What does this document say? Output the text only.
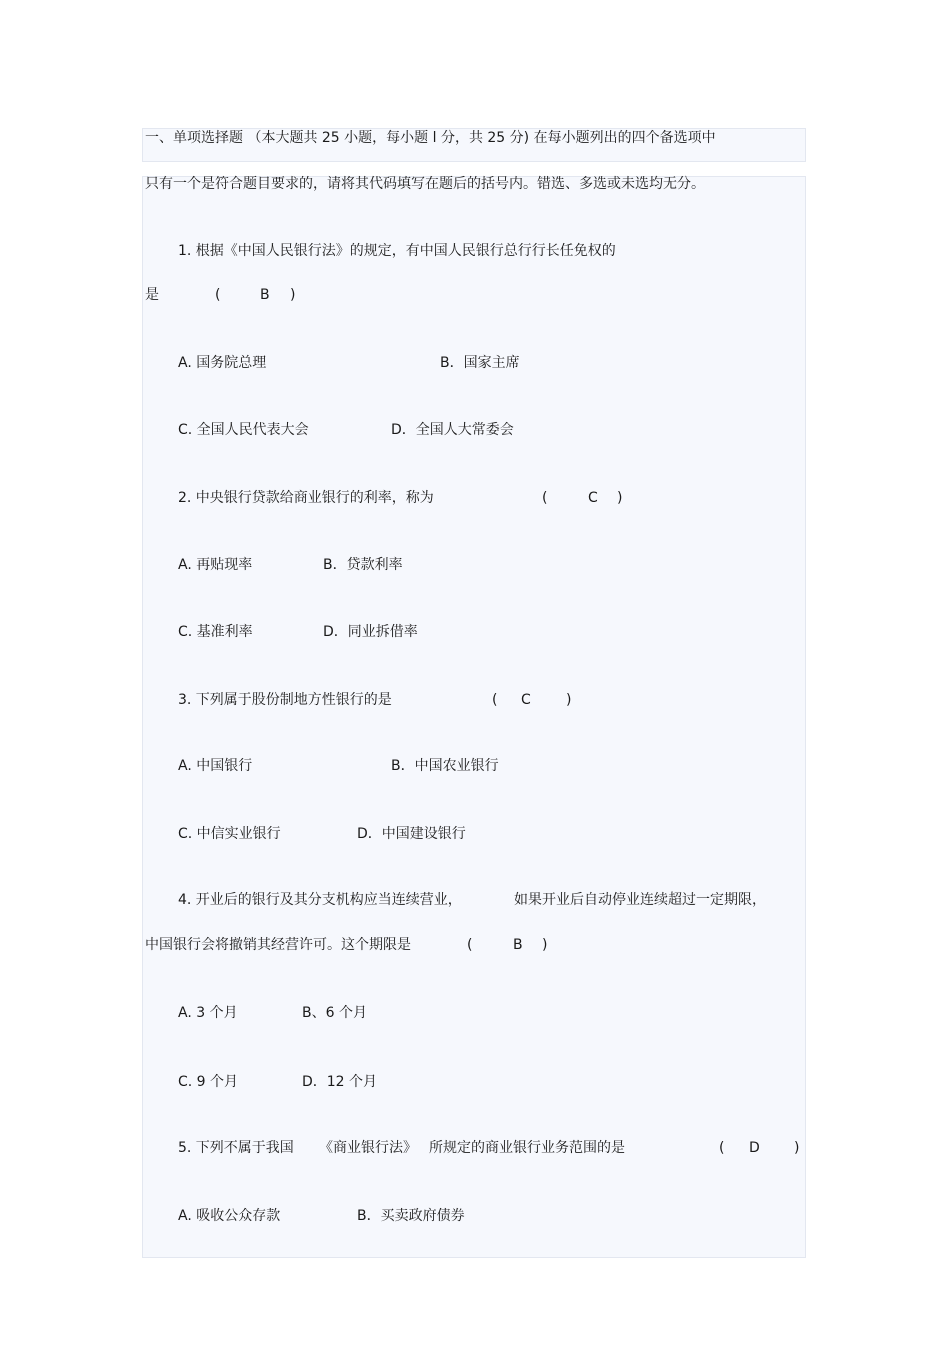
一、单项选择题 （本大题共 25 小题，每小题 l 分，共 25 分) 在每小题列出的四个备选项中
只有一个是符合题目要求的，请将其代码填写在题后的括号内。错选、多选或未选均无分。
1. 根据《中国人民银行法》的规定，有中国人民银行总行行长任免权的
是	(	B )
A. 国务院总理	B．国家主席
C. 全国人民代表大会	D．全国人大常委会
2. 中央银行贷款给商业银行的利率，称为	(	C )
A. 再贴现率	B．贷款利率
C. 基准利率	D．同业拆借率
3. 下列属于股份制地方性银行的是	( C	)
A. 中国银行	B．中国农业银行
C. 中信实业银行	D．中国建设银行
4. 开业后的银行及其分支机构应当连续营业，	如果开业后自动停业连续超过一定期限，
中国银行会将撤销其经营许可。这个期限是	(	B )
A. 3 个月	B、6 个月
C. 9 个月	D．12 个月
5. 下列不属于我国 《商业银行法》 所规定的商业银行业务范围的是	( D )
A. 吸收公众存款	B．买卖政府债券
